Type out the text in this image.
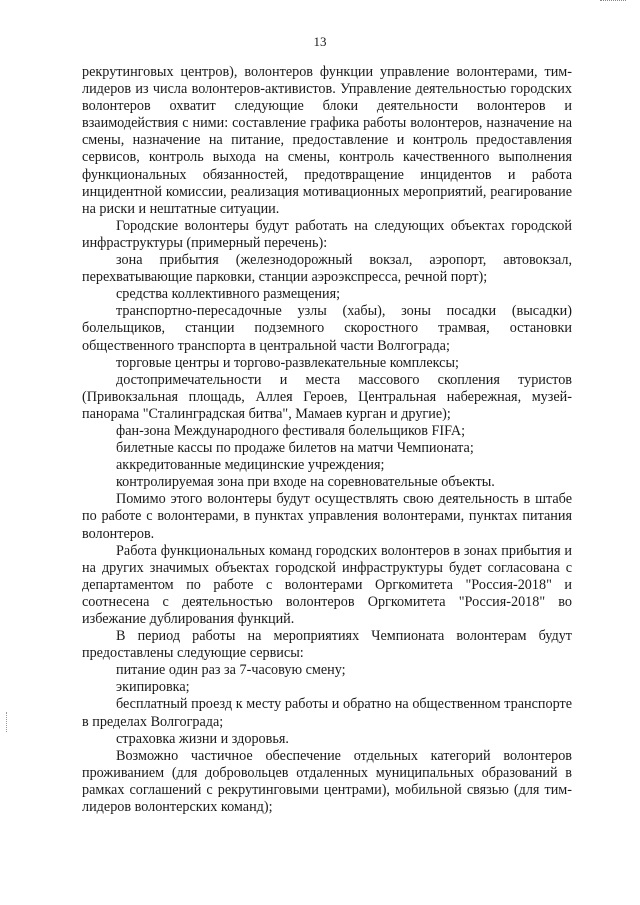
13

рекрутинговых центров), волонтеров функции управление волонтерами, тим-лидеров из числа волонтеров-активистов. Управление деятельностью городских волонтеров охватит следующие блоки деятельности волонтеров и взаимодействия с ними: составление графика работы волонтеров, назначение на смены, назначение на питание, предоставление и контроль предоставления сервисов, контроль выхода на смены, контроль качественного выполнения функциональных обязанностей, предотвращение инцидентов и работа инцидентной комиссии, реализация мотивационных мероприятий, реагирование на риски и нештатные ситуации.

Городские волонтеры будут работать на следующих объектах городской инфраструктуры (примерный перечень):

зона прибытия (железнодорожный вокзал, аэропорт, автовокзал, перехватывающие парковки, станции аэроэкспресса, речной порт);

средства коллективного размещения;

транспортно-пересадочные узлы (хабы), зоны посадки (высадки) болельщиков, станции подземного скоростного трамвая, остановки общественного транспорта в центральной части Волгограда;

торговые центры и торгово-развлекательные комплексы;

достопримечательности и места массового скопления туристов (Привокзальная площадь, Аллея Героев, Центральная набережная, музей-панорама "Сталинградская битва", Мамаев курган и другие);

фан-зона Международного фестиваля болельщиков FIFA;

билетные кассы по продаже билетов на матчи Чемпионата;

аккредитованные медицинские учреждения;

контролируемая зона при входе на соревновательные объекты.

Помимо этого волонтеры будут осуществлять свою деятельность в штабе по работе с волонтерами, в пунктах управления волонтерами, пунктах питания волонтеров.

Работа функциональных команд городских волонтеров в зонах прибытия и на других значимых объектах городской инфраструктуры будет согласована с департаментом по работе с волонтерами Оргкомитета "Россия-2018" и соотнесена с деятельностью волонтеров Оргкомитета "Россия-2018" во избежание дублирования функций.

В период работы на мероприятиях Чемпионата волонтерам будут предоставлены следующие сервисы:

питание один раз за 7-часовую смену;

экипировка;

бесплатный проезд к месту работы и обратно на общественном транспорте в пределах Волгограда;

страховка жизни и здоровья.

Возможно частичное обеспечение отдельных категорий волонтеров проживанием (для добровольцев отдаленных муниципальных образований в рамках соглашений с рекрутинговыми центрами), мобильной связью (для тим-лидеров волонтерских команд);
